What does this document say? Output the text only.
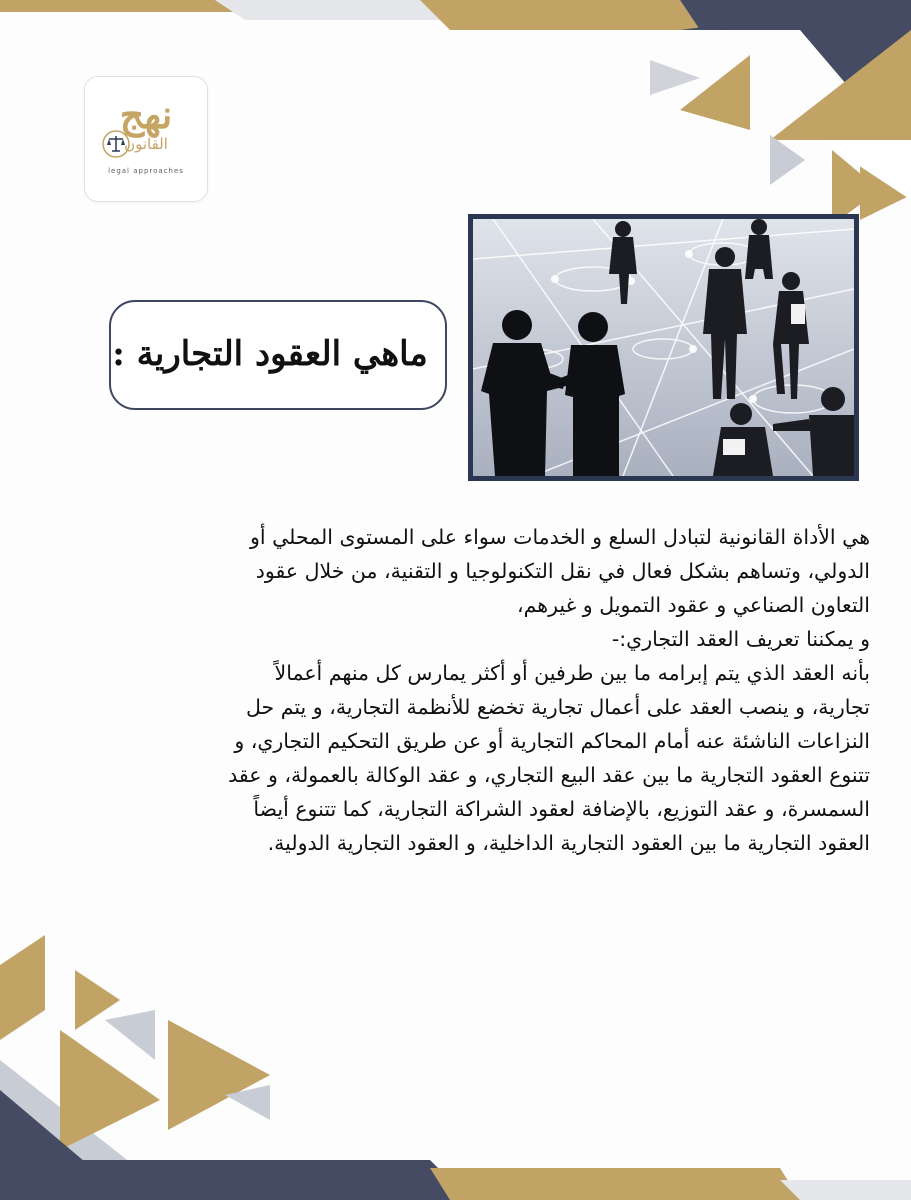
نهج
القانون
legal approaches
ماهي العقود التجارية :

هي الأداة القانونية لتبادل السلع و الخدمات سواء على المستوى المحلي أو

الدولي، وتساهم بشكل فعال في نقل التكنولوجيا و التقنية، من خلال عقود

التعاون الصناعي و عقود التمويل و غيرهم،

و يمكننا تعريف العقد التجاري:-

بأنه العقد الذي يتم إبرامه ما بين طرفين أو أكثر يمارس كل منهم أعمالاً

تجارية، و ينصب العقد على أعمال تجارية تخضع للأنظمة التجارية، و يتم حل

النزاعات الناشئة عنه أمام المحاكم التجارية أو عن طريق التحكيم التجاري، و

تتنوع العقود التجارية ما بين عقد البيع التجاري، و عقد الوكالة بالعمولة، و عقد

السمسرة، و عقد التوزيع، بالإضافة لعقود الشراكة التجارية، كما تتنوع أيضاً

العقود التجارية ما بين العقود التجارية الداخلية، و العقود التجارية الدولية.
